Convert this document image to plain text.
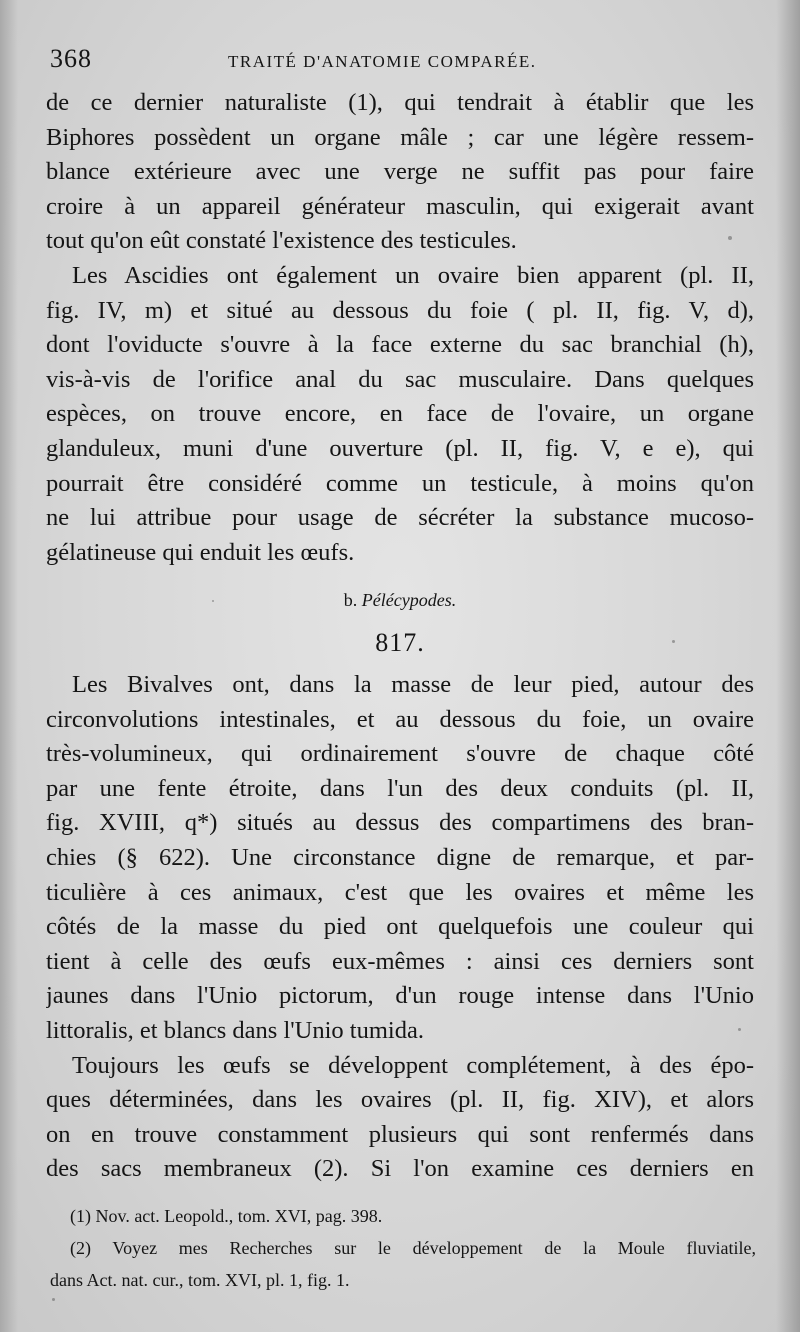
368	TRAITÉ D'ANATOMIE COMPARÉE.
de ce dernier naturaliste (1), qui tendrait à établir que les
Biphores possèdent un organe mâle ; car une légère ressem-
blance extérieure avec une verge ne suffit pas pour faire
croire à un appareil générateur masculin, qui exigerait avant
tout qu'on eût constaté l'existence des testicules.
Les Ascidies ont également un ovaire bien apparent (pl. II,
fig. IV, m) et situé au dessous du foie ( pl. II, fig. V, d),
dont l'oviducte s'ouvre à la face externe du sac branchial (h),
vis-à-vis de l'orifice anal du sac musculaire. Dans quelques
espèces, on trouve encore, en face de l'ovaire, un organe
glanduleux, muni d'une ouverture (pl. II, fig. V, e e), qui
pourrait être considéré comme un testicule, à moins qu'on
ne lui attribue pour usage de sécréter la substance mucoso-
gélatineuse qui enduit les œufs.
b. Pélécypodes.
817.
Les Bivalves ont, dans la masse de leur pied, autour des
circonvolutions intestinales, et au dessous du foie, un ovaire
très-volumineux, qui ordinairement s'ouvre de chaque côté
par une fente étroite, dans l'un des deux conduits (pl. II,
fig. XVIII, q*) situés au dessus des compartimens des bran-
chies (§ 622). Une circonstance digne de remarque, et par-
ticulière à ces animaux, c'est que les ovaires et même les
côtés de la masse du pied ont quelquefois une couleur qui
tient à celle des œufs eux-mêmes : ainsi ces derniers sont
jaunes dans l'Unio pictorum, d'un rouge intense dans l'Unio
littoralis, et blancs dans l'Unio tumida.
Toujours les œufs se développent complétement, à des épo-
ques déterminées, dans les ovaires (pl. II, fig. XIV), et alors
on en trouve constamment plusieurs qui sont renfermés dans
des sacs membraneux (2). Si l'on examine ces derniers en
(1) Nov. act. Leopold., tom. XVI, pag. 398.
(2) Voyez mes Recherches sur le développement de la Moule fluviatile,
dans Act. nat. cur., tom. XVI, pl. 1, fig. 1.
